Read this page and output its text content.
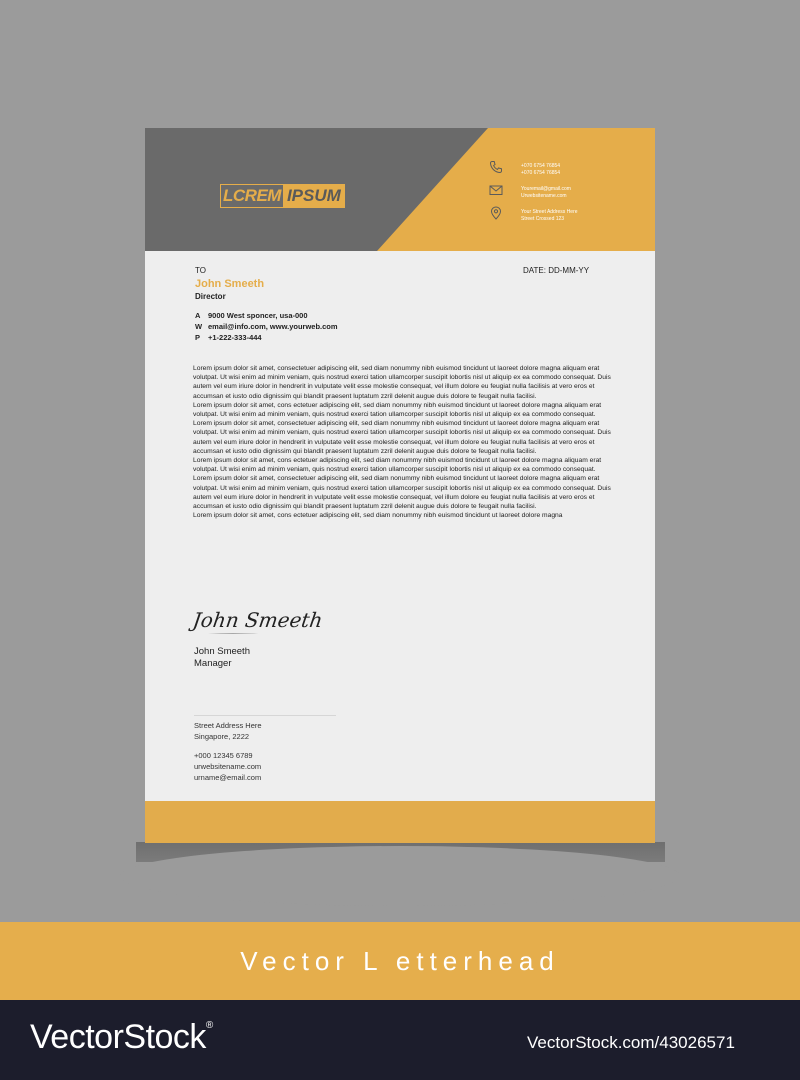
LCREM IPSUM
+070 6754 76854
+070 6754 76854
Youremail@gmail.com
Urwebsitename.com
Your Street Address Here
Street Crossed 123
TO	DATE: DD-MM-YY
John Smeeth
Director
A	9000 West sponcer, usa-000
W email@info.com, www.yourweb.com
P	+1-222-333-444

Lorem ipsum dolor sit amet, consectetuer adipiscing elit, sed diam nonummy nibh euismod tincidunt ut laoreet dolore magna aliquam erat volutpat. Ut wisi enim ad minim veniam, quis nostrud exerci tation ullamcorper suscipit lobortis nisl ut aliquip ex ea commodo consequat. Duis autem vel eum iriure dolor in hendrerit in vulputate velit esse molestie consequat, vel illum dolore eu feugiat nulla facilisis at vero eros et accumsan et iusto odio dignissim qui blandit praesent luptatum zzril delenit augue duis dolore te feugait nulla facilisi.

Lorem ipsum dolor sit amet, cons ectetuer adipiscing elit, sed diam nonummy nibh euismod tincidunt ut laoreet dolore magna aliquam erat volutpat. Ut wisi enim ad minim veniam, quis nostrud exerci tation ullamcorper suscipit lobortis nisl ut aliquip ex ea commodo consequat.

Lorem ipsum dolor sit amet, consectetuer adipiscing elit, sed diam nonummy nibh euismod tincidunt ut laoreet dolore magna aliquam erat volutpat. Ut wisi enim ad minim veniam, quis nostrud exerci tation ullamcorper suscipit lobortis nisl ut aliquip ex ea commodo consequat. Duis autem vel eum iriure dolor in hendrerit in vulputate velit esse molestie consequat, vel illum dolore eu feugiat nulla facilisis at vero eros et accumsan et iusto odio dignissim qui blandit praesent luptatum zzril delenit augue duis dolore te feugait nulla facilisi.

Lorem ipsum dolor sit amet, cons ectetuer adipiscing elit, sed diam nonummy nibh euismod tincidunt ut laoreet dolore magna aliquam erat volutpat. Ut wisi enim ad minim veniam, quis nostrud exerci tation ullamcorper suscipit lobortis nisl ut aliquip ex ea commodo consequat.

Lorem ipsum dolor sit amet, consectetuer adipiscing elit, sed diam nonummy nibh euismod tincidunt ut laoreet dolore magna aliquam erat volutpat. Ut wisi enim ad minim veniam, quis nostrud exerci tation ullamcorper suscipit lobortis nisl ut aliquip ex ea commodo consequat. Duis autem vel eum iriure dolor in hendrerit in vulputate velit esse molestie consequat, vel illum dolore eu feugiat nulla facilisis at vero eros et accumsan et iusto odio dignissim qui blandit praesent luptatum zzril delenit augue duis dolore te feugait nulla facilisi.

Lorem ipsum dolor sit amet, cons ectetuer adipiscing elit, sed diam nonummy nibh euismod tincidunt ut laoreet dolore magna

John Smeeth
John Smeeth
Manager
Street Address Here
Singapore, 2222
+000 12345 6789
urwebsitename.com
urname@email.com
Vector L etterhead
VectorStock®
VectorStock.com/43026571
